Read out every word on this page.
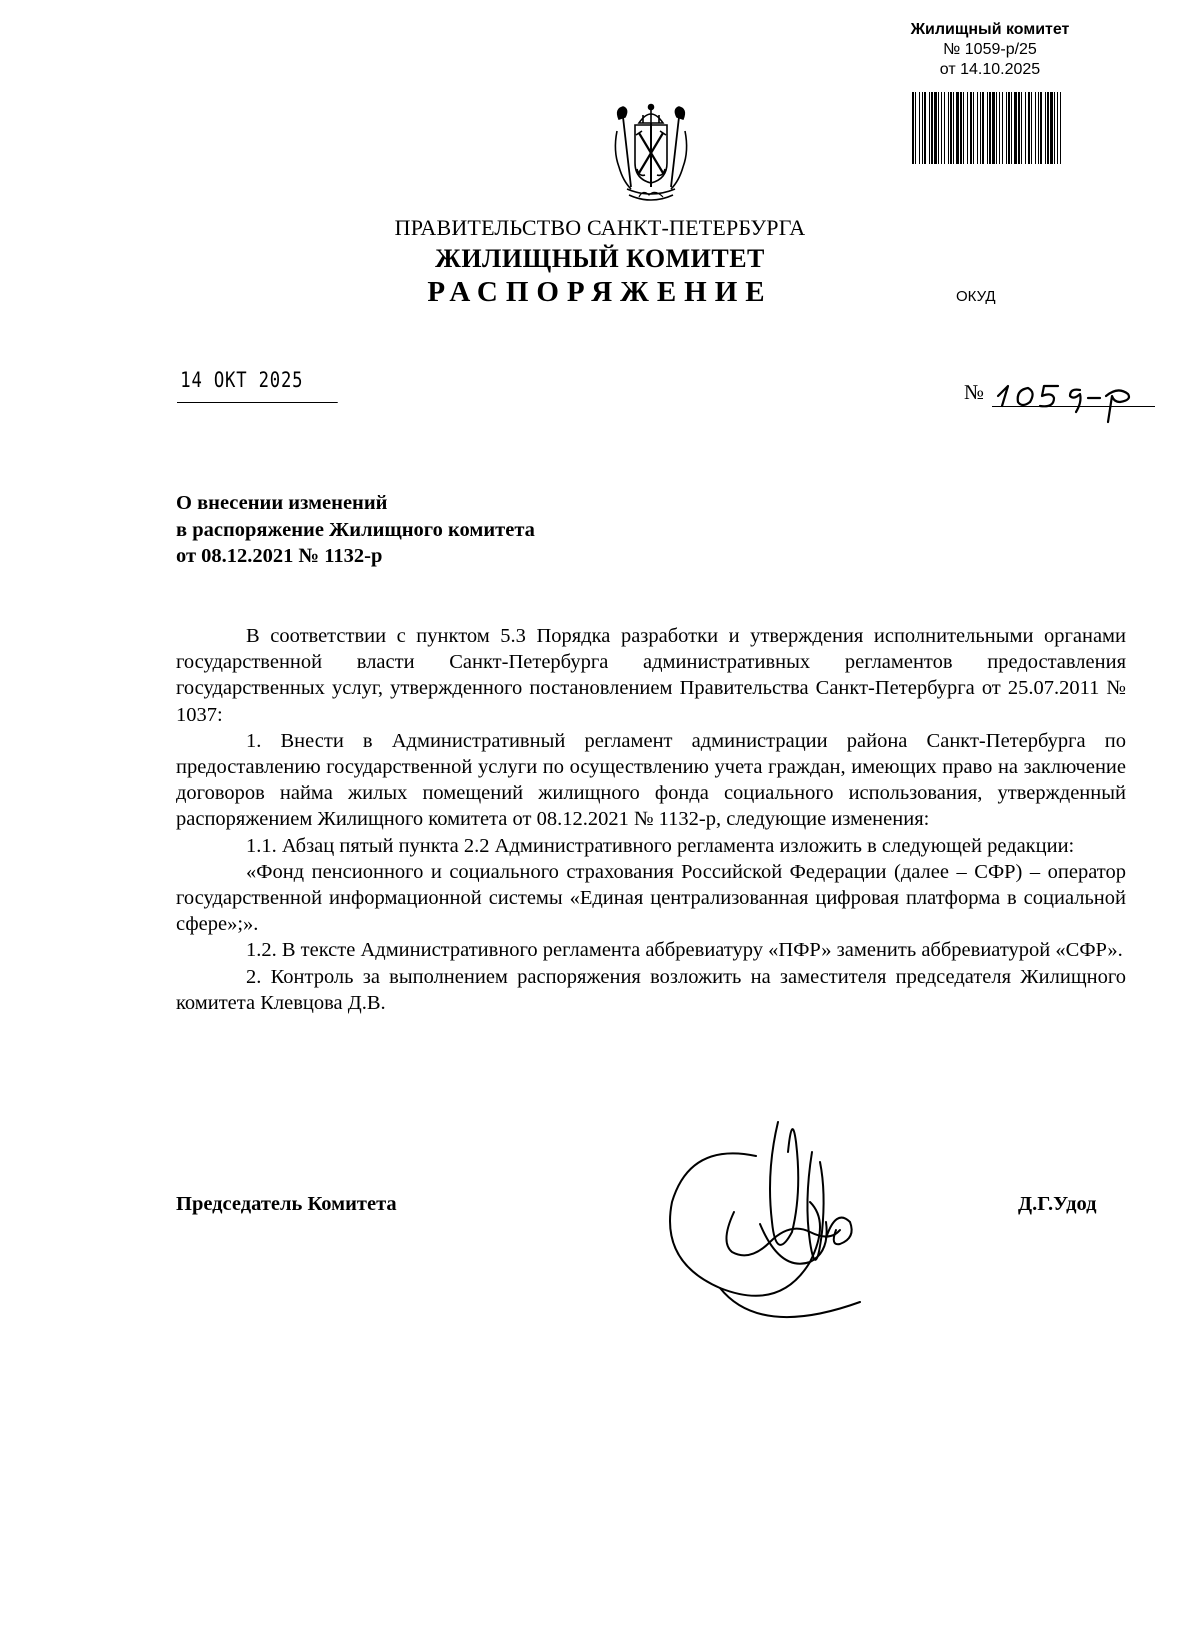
Жилищный комитет
№ 1059-р/25
от 14.10.2025
ПРАВИТЕЛЬСТВО САНКТ-ПЕТЕРБУРГА
ЖИЛИЩНЫЙ КОМИТЕТ
РАСПОРЯЖЕНИЕ	ОКУД
14 ОКТ 2025	№
О внесении изменений
в распоряжение Жилищного комитета
от 08.12.2021 № 1132-р

В соответствии с пунктом 5.3 Порядка разработки и утверждения исполнительными органами государственной власти Санкт-Петербурга административных регламентов предоставления государственных услуг, утвержденного постановлением Правительства Санкт-Петербурга от 25.07.2011 № 1037:

1. Внести в Административный регламент администрации района Санкт-Петербурга по предоставлению государственной услуги по осуществлению учета граждан, имеющих право на заключение договоров найма жилых помещений жилищного фонда социального использования, утвержденный распоряжением Жилищного комитета от 08.12.2021 № 1132-р, следующие изменения:

1.1. Абзац пятый пункта 2.2 Административного регламента изложить в следующей редакции:

«Фонд пенсионного и социального страхования Российской Федерации (далее – СФР) – оператор государственной информационной системы «Единая централизованная цифровая платформа в социальной сфере»;».

1.2. В тексте Административного регламента аббревиатуру «ПФР» заменить аббревиатурой «СФР».

2. Контроль за выполнением распоряжения возложить на заместителя председателя Жилищного комитета Клевцова Д.В.

Председатель Комитета	Д.Г.Удод
